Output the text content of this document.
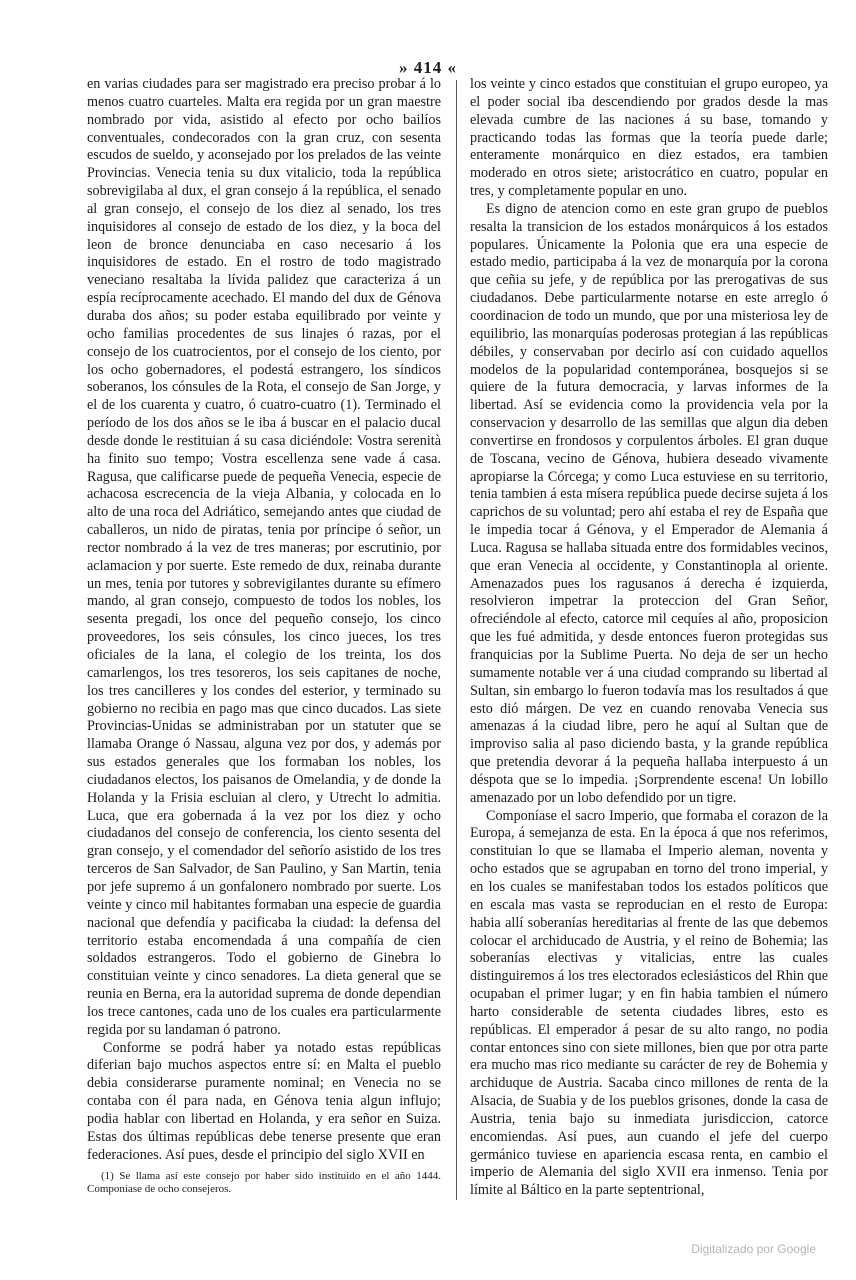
» 414 «

en varias ciudades para ser magistrado era preciso probar á lo menos cuatro cuarteles. Malta era regida por un gran maestre nombrado por vida, asistido al efecto por ocho bailíos conventuales, condecorados con la gran cruz, con sesenta escudos de sueldo, y aconsejado por los prelados de las veinte Provincias. Venecia tenia su dux vitalicio, toda la república sobrevigilaba al dux, el gran consejo á la república, el senado al gran consejo, el consejo de los diez al senado, los tres inquisidores al consejo de estado de los diez, y la boca del leon de bronce denunciaba en caso necesario á los inquisidores de estado. En el rostro de todo magistrado veneciano resaltaba la lívida palidez que caracteriza á un espía recíprocamente acechado. El mando del dux de Génova duraba dos años; su poder estaba equilibrado por veinte y ocho familias procedentes de sus linajes ó razas, por el consejo de los cuatrocientos, por el consejo de los ciento, por los ocho gobernadores, el podestá estrangero, los síndicos soberanos, los cónsules de la Rota, el consejo de San Jorge, y el de los cuarenta y cuatro, ó cuatro-cuatro (1). Terminado el período de los dos años se le iba á buscar en el palacio ducal desde donde le restituian á su casa diciéndole: Vostra serenità ha finito suo tempo; Vostra escellenza sene vade á casa. Ragusa, que calificarse puede de pequeña Venecia, especie de achacosa escrecencia de la vieja Albania, y colocada en lo alto de una roca del Adriático, semejando antes que ciudad de caballeros, un nido de piratas, tenia por príncipe ó señor, un rector nombrado á la vez de tres maneras; por escrutinio, por aclamacion y por suerte. Este remedo de dux, reinaba durante un mes, tenia por tutores y sobrevigilantes durante su efímero mando, al gran consejo, compuesto de todos los nobles, los sesenta pregadi, los once del pequeño consejo, los cinco proveedores, los seis cónsules, los cinco jueces, los tres oficiales de la lana, el colegio de los treinta, los dos camarlengos, los tres tesoreros, los seis capitanes de noche, los tres cancilleres y los condes del esterior, y terminado su gobierno no recibia en pago mas que cinco ducados. Las siete Provincias-Unidas se administraban por un statuter que se llamaba Orange ó Nassau, alguna vez por dos, y además por sus estados generales que los formaban los nobles, los ciudadanos electos, los paisanos de Omelandia, y de donde la Holanda y la Frisia escluian al clero, y Utrecht lo admitia. Luca, que era gobernada á la vez por los diez y ocho ciudadanos del consejo de conferencia, los ciento sesenta del gran consejo, y el comendador del señorío asistido de los tres terceros de San Salvador, de San Paulino, y San Martin, tenia por jefe supremo á un gonfalonero nombrado por suerte. Los veinte y cinco mil habitantes formaban una especie de guardia nacional que defendía y pacificaba la ciudad: la defensa del territorio estaba encomendada á una compañía de cien soldados estrangeros. Todo el gobierno de Ginebra lo constituian veinte y cinco senadores. La dieta general que se reunia en Berna, era la autoridad suprema de donde dependian los trece cantones, cada uno de los cuales era particularmente regida por su landaman ó patrono.

Conforme se podrá haber ya notado estas repúblicas diferian bajo muchos aspectos entre sí: en Malta el pueblo debia considerarse puramente nominal; en Venecia no se contaba con él para nada, en Génova tenia algun influjo; podia hablar con libertad en Holanda, y era señor en Suiza. Estas dos últimas repúblicas debe tenerse presente que eran federaciones. Así pues, desde el principio del siglo XVII en

(1) Se llama así este consejo por haber sido instituido en el año 1444. Componíase de ocho consejeros.

los veinte y cinco estados que constituian el grupo europeo, ya el poder social iba descendiendo por grados desde la mas elevada cumbre de las naciones á su base, tomando y practicando todas las formas que la teoría puede darle; enteramente monárquico en diez estados, era tambien moderado en otros siete; aristocrático en cuatro, popular en tres, y completamente popular en uno.

Es digno de atencion como en este gran grupo de pueblos resalta la transicion de los estados monárquicos á los estados populares. Únicamente la Polonia que era una especie de estado medio, participaba á la vez de monarquía por la corona que ceñia su jefe, y de república por las prerogativas de sus ciudadanos. Debe particularmente notarse en este arreglo ó coordinacion de todo un mundo, que por una misteriosa ley de equilibrio, las monarquías poderosas protegian á las repúblicas débiles, y conservaban por decirlo así con cuidado aquellos modelos de la popularidad contemporánea, bosquejos si se quiere de la futura democracia, y larvas informes de la libertad. Así se evidencia como la providencia vela por la conservacion y desarrollo de las semillas que algun dia deben convertirse en frondosos y corpulentos árboles. El gran duque de Toscana, vecino de Génova, hubiera deseado vivamente apropiarse la Córcega; y como Luca estuviese en su territorio, tenia tambien á esta mísera república puede decirse sujeta á los caprichos de su voluntad; pero ahí estaba el rey de España que le impedia tocar á Génova, y el Emperador de Alemania á Luca. Ragusa se hallaba situada entre dos formidables vecinos, que eran Venecia al occidente, y Constantinopla al oriente. Amenazados pues los ragusanos á derecha é izquierda, resolvieron impetrar la proteccion del Gran Señor, ofreciéndole al efecto, catorce mil cequíes al año, proposicion que les fué admitida, y desde entonces fueron protegidas sus franquicias por la Sublime Puerta. No deja de ser un hecho sumamente notable ver á una ciudad comprando su libertad al Sultan, sin embargo lo fueron todavía mas los resultados á que esto dió márgen. De vez en cuando renovaba Venecia sus amenazas á la ciudad libre, pero he aquí al Sultan que de improviso salia al paso diciendo basta, y la grande república que pretendia devorar á la pequeña hallaba interpuesto á un déspota que se lo impedia. ¡Sorprendente escena! Un lobillo amenazado por un lobo defendido por un tigre.

Componíase el sacro Imperio, que formaba el corazon de la Europa, á semejanza de esta. En la época á que nos referimos, constituian lo que se llamaba el Imperio aleman, noventa y ocho estados que se agrupaban en torno del trono imperial, y en los cuales se manifestaban todos los estados políticos que en escala mas vasta se reproducian en el resto de Europa: habia allí soberanías hereditarias al frente de las que debemos colocar el archiducado de Austria, y el reino de Bohemia; las soberanías electivas y vitalicias, entre las cuales distinguiremos á los tres electorados eclesiásticos del Rhin que ocupaban el primer lugar; y en fin habia tambien el número harto considerable de setenta ciudades libres, esto es repúblicas. El emperador á pesar de su alto rango, no podia contar entonces sino con siete millones, bien que por otra parte era mucho mas rico mediante su carácter de rey de Bohemia y archiduque de Austria. Sacaba cinco millones de renta de la Alsacia, de Suabia y de los pueblos grisones, donde la casa de Austria, tenia bajo su inmediata jurisdiccion, catorce encomiendas. Así pues, aun cuando el jefe del cuerpo germánico tuviese en apariencia escasa renta, en cambio el imperio de Alemania del siglo XVII era inmenso. Tenia por límite al Báltico en la parte septentrional,

Digitalizado por Google
